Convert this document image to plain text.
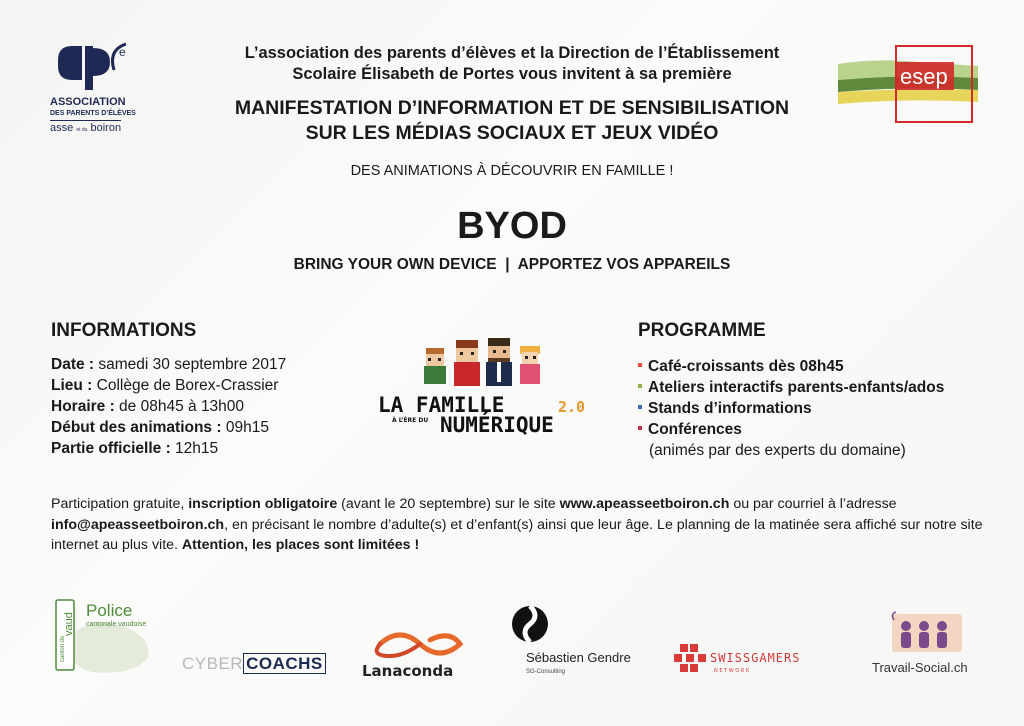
e
ASSOCIATION
DES PARENTS D’ÉLÈVES
asse et du boiron
esep
L’association des parents d’élèves et la Direction de l’Établissement
Scolaire Élisabeth de Portes vous invitent à sa première
MANIFESTATION D’INFORMATION ET DE SENSIBILISATION
SUR LES MÉDIAS SOCIAUX ET JEUX VIDÉO
DES ANIMATIONS À DÉCOUVRIR EN FAMILLE !
BYOD
BRING YOUR OWN DEVICE  |  APPORTEZ VOS APPAREILS
INFORMATIONS
Date : samedi 30 septembre 2017
Lieu : Collège de Borex-Crassier
Horaire : de 08h45 à 13h00
Début des animations : 09h15
Partie officielle : 12h15
LA FAMILLE	2.0
À L’ÈRE DU NUMÉRIQUE
PROGRAMME
Café-croissants dès 08h45
Ateliers interactifs parents-enfants/ados
Stands d’informations
Conférences
(animés par des experts du domaine)
Participation gratuite, inscription obligatoire (avant le 20 septembre) sur le site www.apeasseetboiron.ch ou par courriel à l’adresse
info@apeasseetboiron.ch, en précisant le nombre d’adulte(s) et d’enfant(s) ainsi que leur âge. Le planning de la matinée sera affiché sur notre site internet au plus vite. Attention, les places sont limitées !
canton de
vaud
Police
cantonale vaudoise
CYBER COACHS	Lanaconda
Sébastien Gendre
SG-Consulting
SWISSGAMERS
N E T W O R K	Travail-Social.ch
